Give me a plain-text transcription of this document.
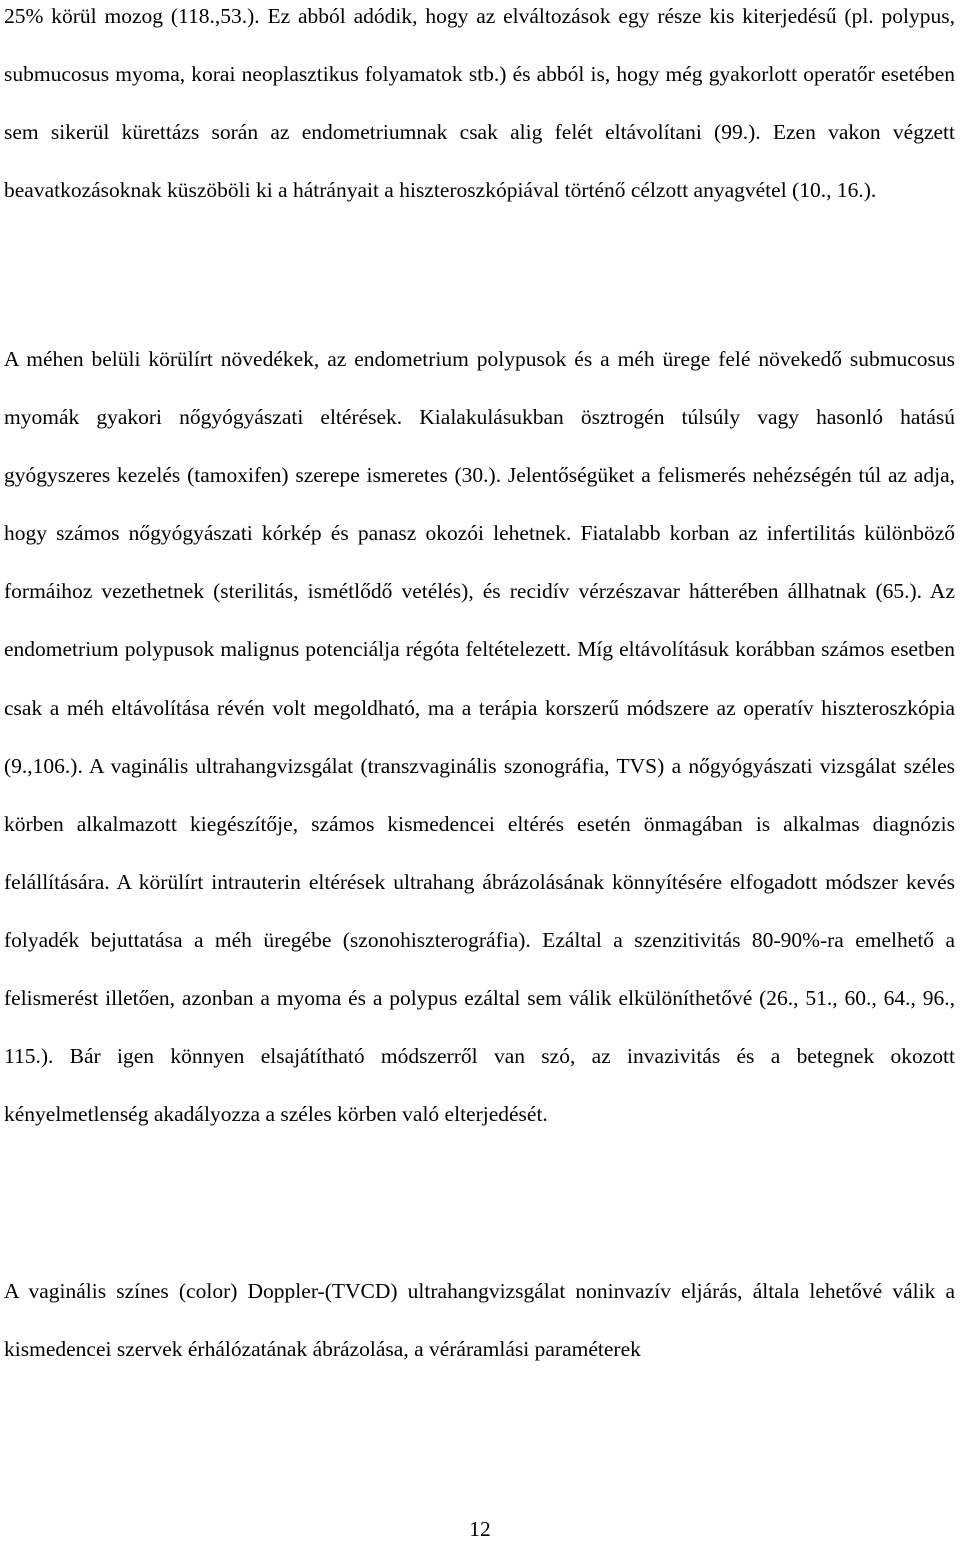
25% körül mozog (118.,53.). Ez abból adódik, hogy az elváltozások egy része kis kiterjedésű (pl. polypus, submucosus myoma, korai neoplasztikus folyamatok stb.) és abból is, hogy még gyakorlott operatőr esetében sem sikerül kürettázs során az endometriumnak csak alig felét eltávolítani (99.). Ezen vakon végzett beavatkozásoknak küszöböli ki a hátrányait a hiszteroszkópiával történő célzott anyagvétel (10., 16.).

A méhen belüli körülírt növedékek, az endometrium polypusok és a méh ürege felé növekedő submucosus myomák gyakori nőgyógyászati eltérések. Kialakulásukban ösztrogén túlsúly vagy hasonló hatású gyógyszeres kezelés (tamoxifen) szerepe ismeretes (30.). Jelentőségüket a felismerés nehézségén túl az adja, hogy számos nőgyógyászati kórkép és panasz okozói lehetnek. Fiatalabb korban az infertilitás különböző formáihoz vezethetnek (sterilitás, ismétlődő vetélés), és recidív vérzészavar hátterében állhatnak (65.). Az endometrium polypusok malignus potenciálja régóta feltételezett. Míg eltávolításuk korábban számos esetben csak a méh eltávolítása révén volt megoldható, ma a terápia korszerű módszere az operatív hiszteroszkópia (9.,106.). A vaginális ultrahangvizsgálat (transzvaginális szonográfia, TVS) a nőgyógyászati vizsgálat széles körben alkalmazott kiegészítője, számos kismedencei eltérés esetén önmagában is alkalmas diagnózis felállítására. A körülírt intrauterin eltérések ultrahang ábrázolásának könnyítésére elfogadott módszer kevés folyadék bejuttatása a méh üregébe (szonohiszterográfia). Ezáltal a szenzitivitás 80-90%-ra emelhető a felismerést illetően, azonban a myoma és a polypus ezáltal sem válik elkülöníthetővé (26., 51., 60., 64., 96., 115.). Bár igen könnyen elsajátítható módszerről van szó, az invazivitás és a betegnek okozott kényelmetlenség akadályozza a széles körben való elterjedését.

A vaginális színes (color) Doppler-(TVCD) ultrahangvizsgálat noninvazív eljárás, általa lehetővé válik a kismedencei szervek érhálózatának ábrázolása, a véráramlási paraméterek

12
